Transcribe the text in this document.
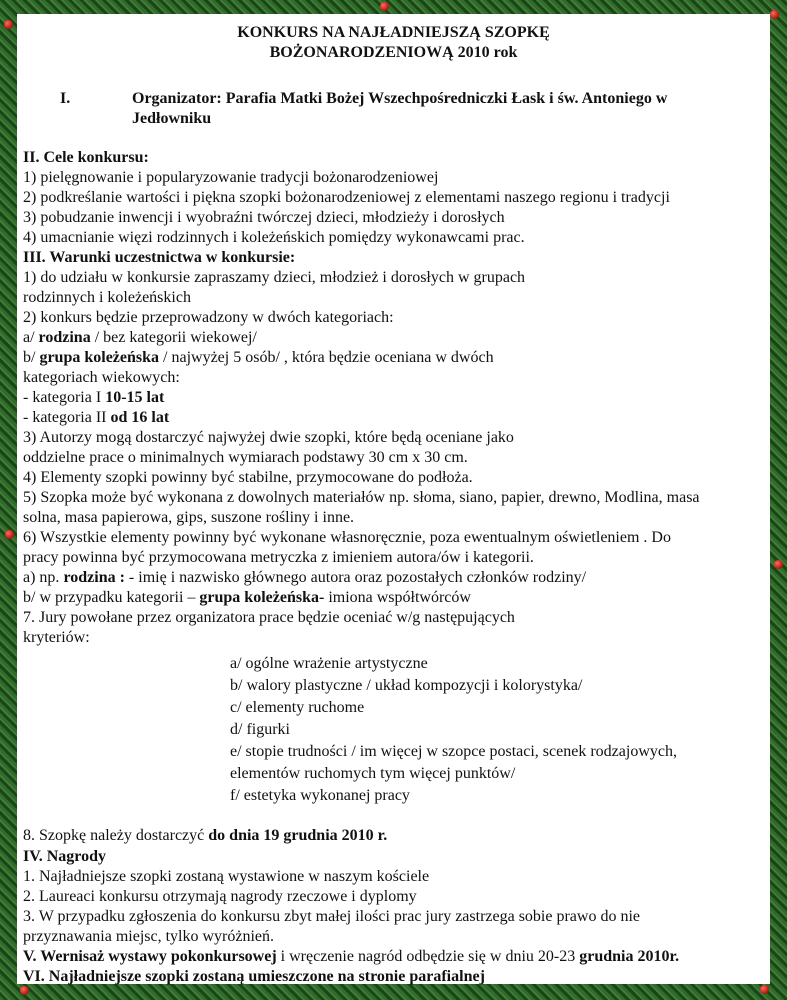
KONKURS NA NAJŁADNIEJSZĄ SZOPKĘ
BOŻONARODZENIOWĄ 2010 rok
I.	Organizator: Parafia Matki Bożej Wszechpośredniczki Łask i św. Antoniego w
Jedłowniku
II. Cele konkursu:
1) pielęgnowanie i popularyzowanie tradycji bożonarodzeniowej
2) podkreślanie wartości i piękna szopki bożonarodzeniowej z elementami naszego regionu i tradycji
3) pobudzanie inwencji i wyobraźni twórczej dzieci, młodzieży i dorosłych
4) umacnianie więzi rodzinnych i koleżeńskich pomiędzy wykonawcami prac.
III. Warunki uczestnictwa w konkursie:
1) do udziału w konkursie zapraszamy dzieci, młodzież i dorosłych w grupach
rodzinnych i koleżeńskich
2) konkurs będzie przeprowadzony w dwóch kategoriach:
a/ rodzina / bez kategorii wiekowej/
b/ grupa koleżeńska / najwyżej 5 osób/ , która będzie oceniana w dwóch
kategoriach wiekowych:
- kategoria I 10-15 lat
- kategoria II od 16 lat
3) Autorzy mogą dostarczyć najwyżej dwie szopki, które będą oceniane jako
oddzielne prace o minimalnych wymiarach podstawy 30 cm x 30 cm.
4) Elementy szopki powinny być stabilne, przymocowane do podłoża.
5) Szopka może być wykonana z dowolnych materiałów np. słoma, siano, papier, drewno, Modlina, masa
solna, masa papierowa, gips, suszone rośliny i inne.
6) Wszystkie elementy powinny być wykonane własnoręcznie, poza ewentualnym oświetleniem . Do
pracy powinna być przymocowana metryczka z imieniem autora/ów i kategorii.
a) np. rodzina : - imię i nazwisko głównego autora oraz pozostałych członków rodziny/
b/ w przypadku kategorii – grupa koleżeńska- imiona współtwórców
7. Jury powołane przez organizatora prace będzie oceniać w/g następujących
kryteriów:
a/ ogólne wrażenie artystyczne
b/ walory plastyczne / układ kompozycji i kolorystyka/
c/ elementy ruchome
d/ figurki
e/ stopie trudności / im więcej w szopce postaci, scenek rodzajowych,
elementów ruchomych tym więcej punktów/
f/ estetyka wykonanej pracy
8. Szopkę należy dostarczyć do dnia 19 grudnia 2010 r.
IV. Nagrody
1. Najładniejsze szopki zostaną wystawione w naszym kościele
2. Laureaci konkursu otrzymają nagrody rzeczowe i dyplomy
3. W przypadku zgłoszenia do konkursu zbyt małej ilości prac jury zastrzega sobie prawo do nie
przyznawania miejsc, tylko wyróżnień.
V. Wernisaż wystawy pokonkursowej i wręczenie nagród odbędzie się w dniu 20-23 grudnia 2010r.
VI. Najładniejsze szopki zostaną umieszczone na stronie parafialnej
